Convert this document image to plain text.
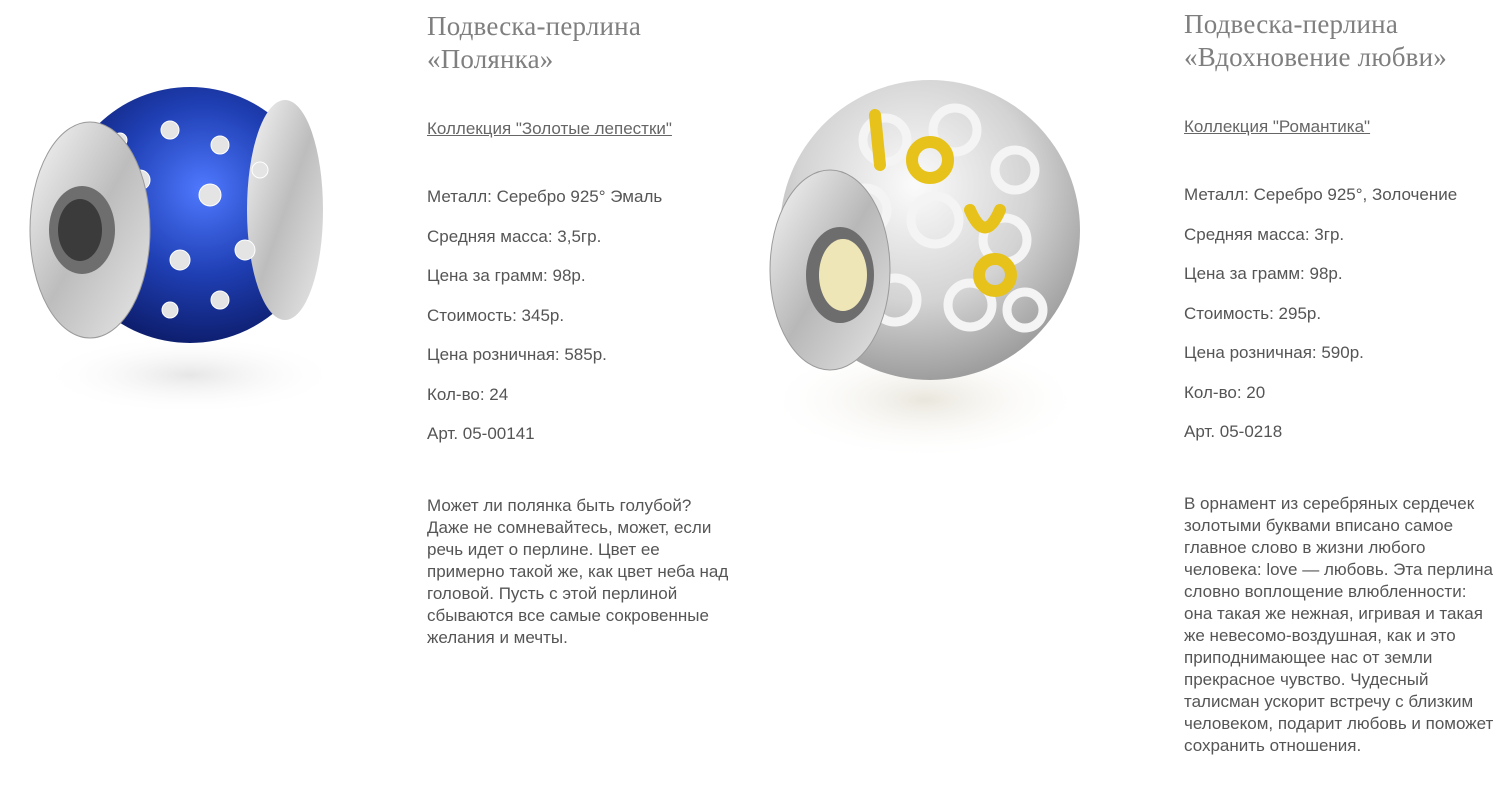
Подвеска-перлина
«Полянка»
Коллекция "Золотые лепестки"
Металл: Серебро 925° Эмаль
Средняя масса: 3,5гр.
Цена за грамм: 98р.
Стоимость: 345р.
Цена розничная: 585р.
Кол-во: 24
Арт. 05-00141
Может ли полянка быть голубой? Даже не сомневайтесь, может, если речь идет о перлине. Цвет ее примерно такой же, как цвет неба над головой. Пусть с этой перлиной сбываются все самые сокровенные желания и мечты.
Подвеска-перлина
«Вдохновение любви»
Коллекция "Романтика"
Металл: Серебро 925°, Золочение
Средняя масса: 3гр.
Цена за грамм: 98р.
Стоимость: 295р.
Цена розничная: 590р.
Кол-во: 20
Арт. 05-0218
В орнамент из серебряных сердечек золотыми буквами вписано самое главное слово в жизни любого человека: love — любовь. Эта перлина словно воплощение влюбленности: она такая же нежная, игривая и такая же невесомо-воздушная, как и это приподнимающее нас от земли прекрасное чувство. Чудесный талисман ускорит встречу с близким человеком, подарит любовь и поможет сохранить отношения.
